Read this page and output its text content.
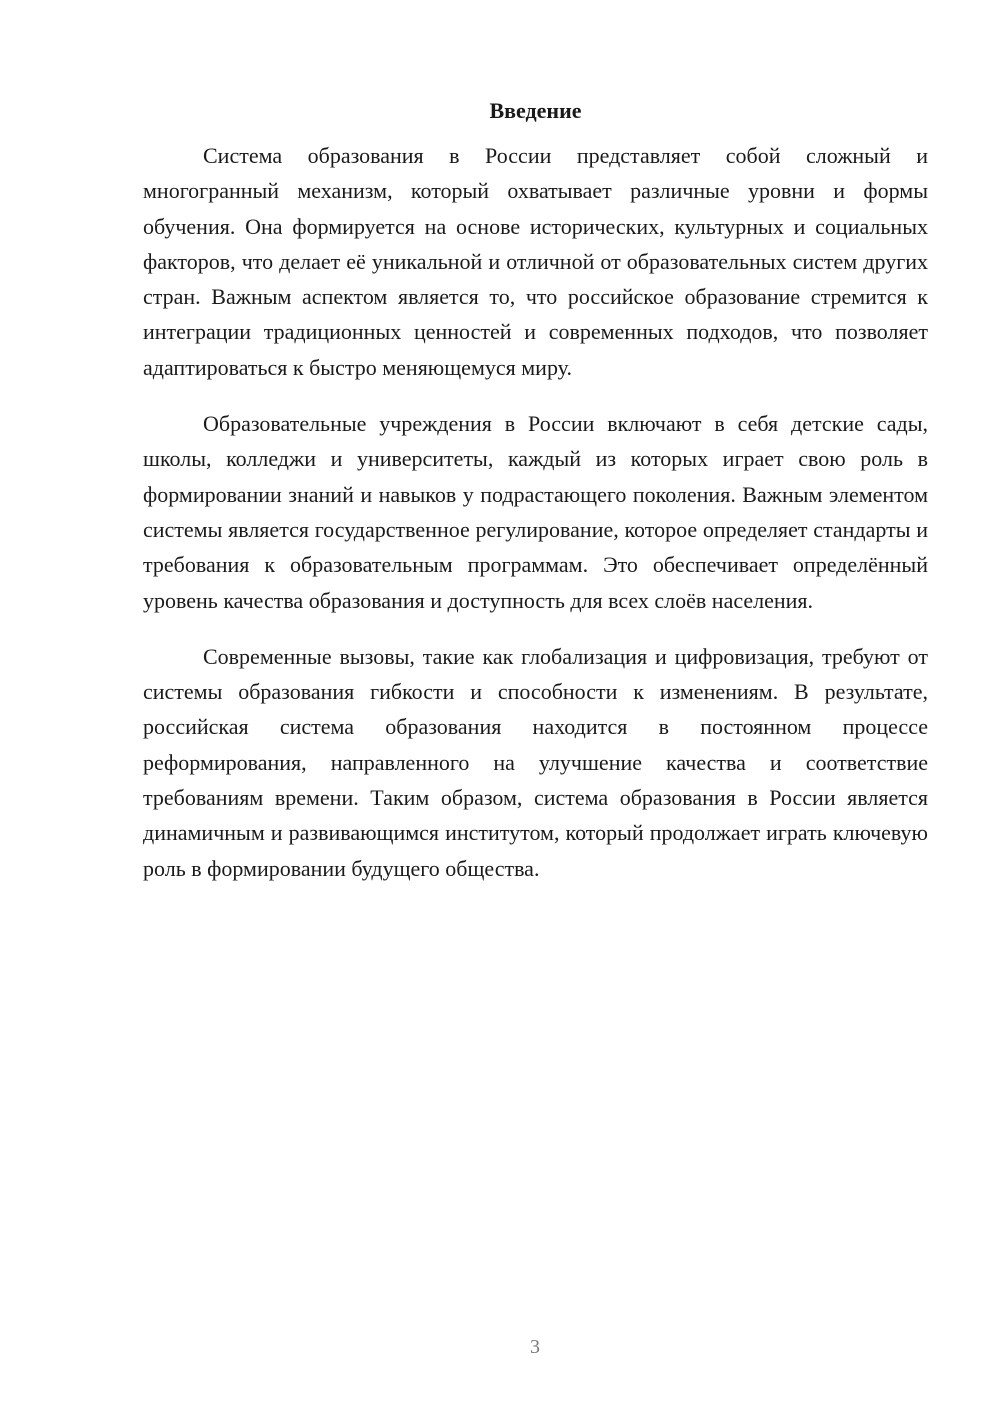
Введение

Система образования в России представляет собой сложный и многогранный механизм, который охватывает различные уровни и формы обучения. Она формируется на основе исторических, культурных и социальных факторов, что делает её уникальной и отличной от образовательных систем других стран. Важным аспектом является то, что российское образование стремится к интеграции традиционных ценностей и современных подходов, что позволяет адаптироваться к быстро меняющемуся миру.

Образовательные учреждения в России включают в себя детские сады, школы, колледжи и университеты, каждый из которых играет свою роль в формировании знаний и навыков у подрастающего поколения. Важным элементом системы является государственное регулирование, которое определяет стандарты и требования к образовательным программам. Это обеспечивает определённый уровень качества образования и доступность для всех слоёв населения.

Современные вызовы, такие как глобализация и цифровизация, требуют от системы образования гибкости и способности к изменениям. В результате, российская система образования находится в постоянном процессе реформирования, направленного на улучшение качества и соответствие требованиям времени. Таким образом, система образования в России является динамичным и развивающимся институтом, который продолжает играть ключевую роль в формировании будущего общества.

3
